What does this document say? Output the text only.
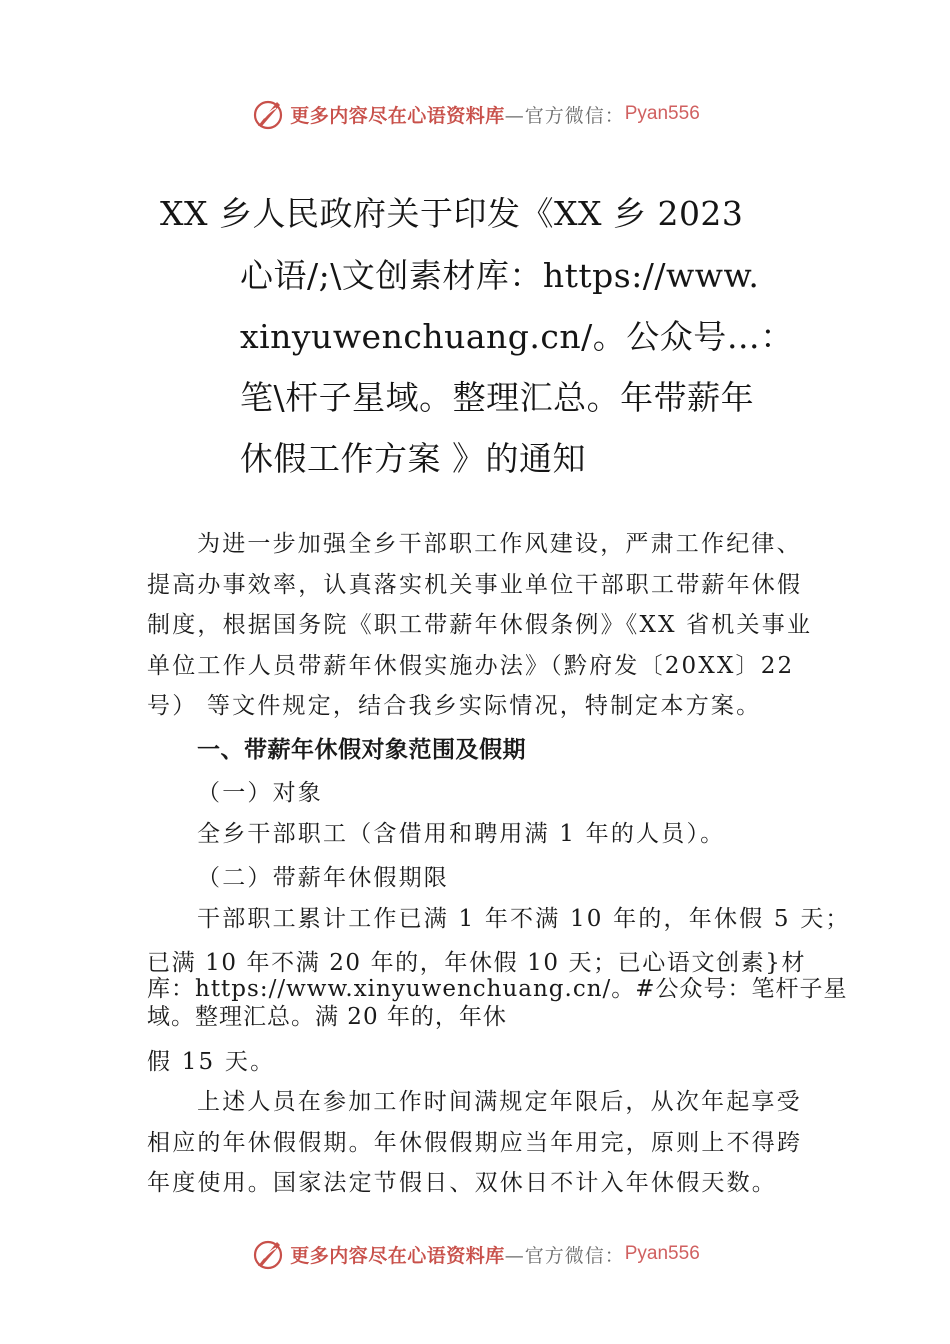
更多内容尽在心语资料库 —官方微信： Pyan556
XX 乡人民政府关于印发《XX 乡 2023
心语/;\文创素材库：https://www.
xinyuwenchuang.cn/。公众号…：
笔\杆子星域。整理汇总。年带薪年
休假工作方案 》的通知

为进一步加强全乡干部职工作风建设，严肃工作纪律、提高办事效率，认真落实机关事业单位干部职工带薪年休假制度，根据国务院《职工带薪年休假条例》《XX 省机关事业单位工作人员带薪年休假实施办法》（黔府发〔20XX〕22号） 等文件规定，结合我乡实际情况，特制定本方案。

一、带薪年休假对象范围及假期
（一）对象
全乡干部职工（含借用和聘用满 1 年的人员）。
（二）带薪年休假期限
干部职工累计工作已满 1 年不满 10 年的，年休假 5 天；
已满 10 年不满 20 年的，年休假 10 天；已心语文创素}材
库：https://www.xinyuwenchuang.cn/。#公众号：笔杆子星
域。整理汇总。满 20 年的，年休
假 15 天。

上述人员在参加工作时间满规定年限后，从次年起享受相应的年休假假期。年休假假期应当年用完，原则上不得跨年度使用。国家法定节假日、双休日不计入年休假天数。

更多内容尽在心语资料库 —官方微信： Pyan556
